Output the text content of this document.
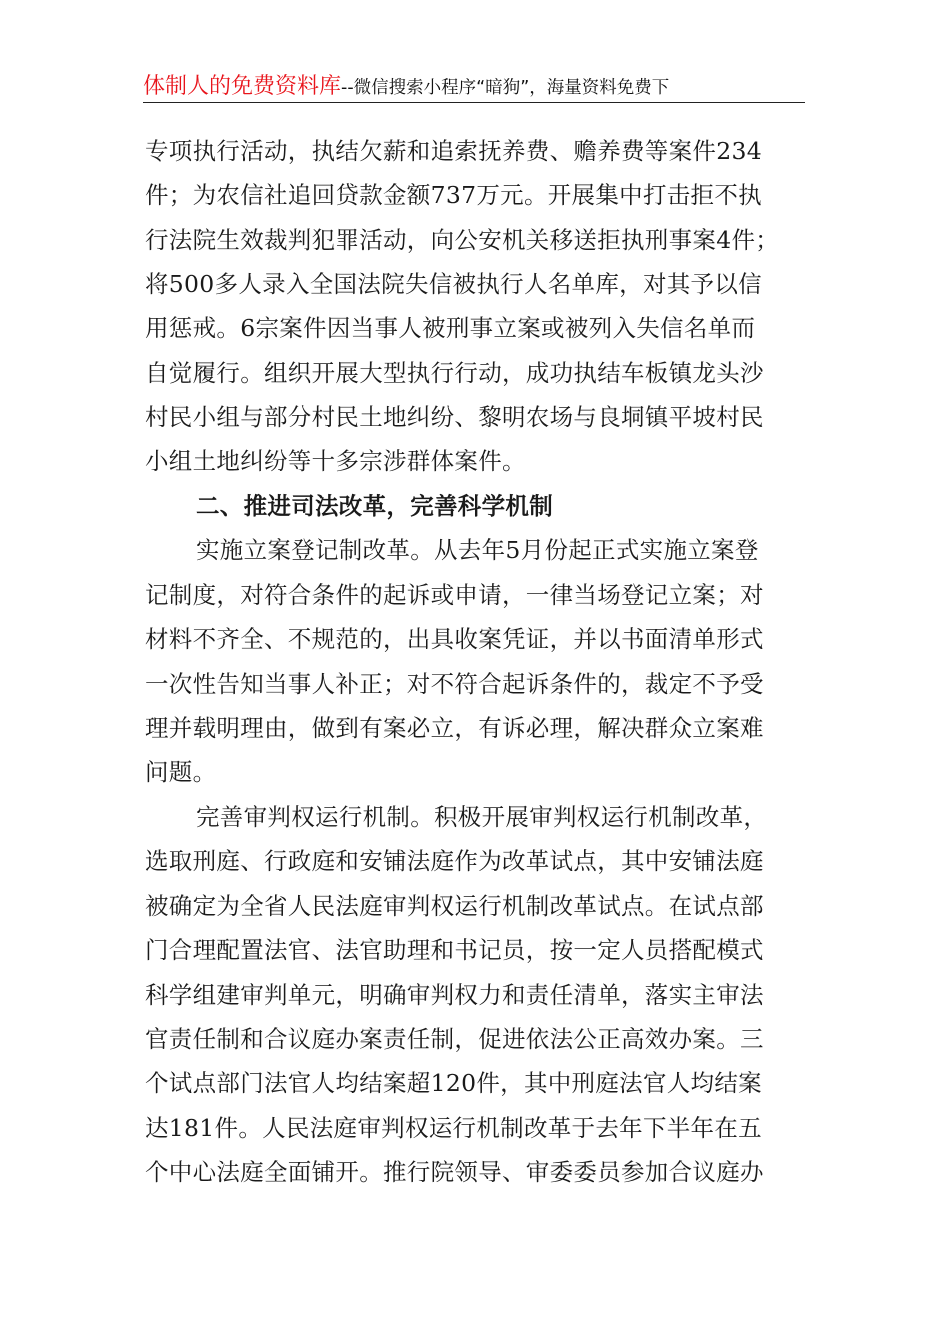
体制人的免费资料库--微信搜索小程序“暗狗”，海量资料免费下
专项执行活动，执结欠薪和追索抚养费、赡养费等案件234
件；为农信社追回贷款金额737万元。开展集中打击拒不执
行法院生效裁判犯罪活动，向公安机关移送拒执刑事案4件；
将500多人录入全国法院失信被执行人名单库，对其予以信
用惩戒。6宗案件因当事人被刑事立案或被列入失信名单而
自觉履行。组织开展大型执行行动，成功执结车板镇龙头沙
村民小组与部分村民土地纠纷、黎明农场与良垌镇平坡村民
小组土地纠纷等十多宗涉群体案件。
二、推进司法改革，完善科学机制
实施立案登记制改革。从去年5月份起正式实施立案登
记制度，对符合条件的起诉或申请，一律当场登记立案；对
材料不齐全、不规范的，出具收案凭证，并以书面清单形式
一次性告知当事人补正；对不符合起诉条件的，裁定不予受
理并载明理由，做到有案必立，有诉必理，解决群众立案难
问题。
完善审判权运行机制。积极开展审判权运行机制改革，
选取刑庭、行政庭和安铺法庭作为改革试点，其中安铺法庭
被确定为全省人民法庭审判权运行机制改革试点。在试点部
门合理配置法官、法官助理和书记员，按一定人员搭配模式
科学组建审判单元，明确审判权力和责任清单，落实主审法
官责任制和合议庭办案责任制，促进依法公正高效办案。三
个试点部门法官人均结案超120件，其中刑庭法官人均结案
达181件。人民法庭审判权运行机制改革于去年下半年在五
个中心法庭全面铺开。推行院领导、审委委员参加合议庭办
